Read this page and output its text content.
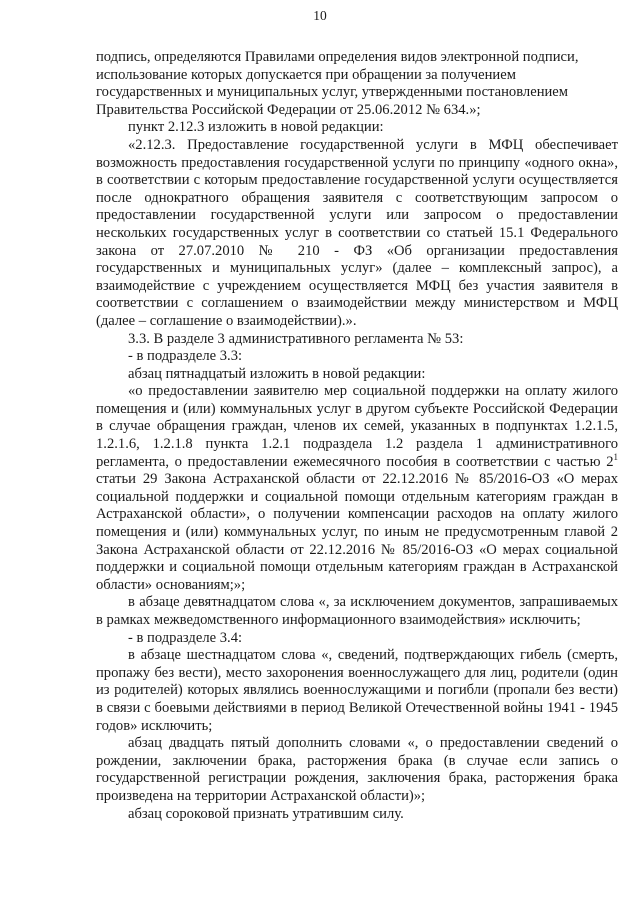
10

подпись, определяются Правилами определения видов электронной подписи, использование которых допускается при обращении за получением государственных и муниципальных услуг, утвержденными постановлением Правительства Российской Федерации от 25.06.2012 № 634.»;

пункт 2.12.3 изложить в новой редакции:

«2.12.3. Предоставление государственной услуги в МФЦ обеспечивает возможность предоставления государственной услуги по принципу «одного окна», в соответствии с которым предоставление государственной услуги осуществляется после однократного обращения заявителя с соответствующим запросом о предоставлении государственной услуги или запросом о предоставлении нескольких государственных услуг в соответствии со статьей 15.1 Федерального закона от 27.07.2010 № 210 - ФЗ «Об организации предоставления государственных и муниципальных услуг» (далее – комплексный запрос), а взаимодействие с учреждением осуществляется МФЦ без участия заявителя в соответствии с соглашением о взаимодействии между министерством и МФЦ (далее – соглашение о взаимодействии).».

3.3. В разделе 3 административного регламента № 53:

- в подразделе 3.3:

абзац пятнадцатый изложить в новой редакции:

«о предоставлении заявителю мер социальной поддержки на оплату жилого помещения и (или) коммунальных услуг в другом субъекте Российской Федерации в случае обращения граждан, членов их семей, указанных в подпунктах 1.2.1.5, 1.2.1.6, 1.2.1.8 пункта 1.2.1 подраздела 1.2 раздела 1 административного регламента, о предоставлении ежемесячного пособия в соответствии с частью $2^1$ статьи 29 Закона Астраханской области от 22.12.2016 № 85/2016-ОЗ «О мерах социальной поддержки и социальной помощи отдельным категориям граждан в Астраханской области», о получении компенсации расходов на оплату жилого помещения и (или) коммунальных услуг, по иным не предусмотренным главой 2 Закона Астраханской области от 22.12.2016 № 85/2016-ОЗ «О мерах социальной поддержки и социальной помощи отдельным категориям граждан в Астраханской области» основаниям;»;

в абзаце девятнадцатом слова «, за исключением документов, запрашиваемых в рамках межведомственного информационного взаимодействия» исключить;

- в подразделе 3.4:

в абзаце шестнадцатом слова «, сведений, подтверждающих гибель (смерть, пропажу без вести), место захоронения военнослужащего для лиц, родители (один из родителей) которых являлись военнослужащими и погибли (пропали без вести) в связи с боевыми действиями в период Великой Отечественной войны 1941 - 1945 годов» исключить;

абзац двадцать пятый дополнить словами «, о предоставлении сведений о рождении, заключении брака, расторжения брака (в случае если запись о государственной регистрации рождения, заключения брака, расторжения брака произведена на территории Астраханской области)»;

абзац сороковой признать утратившим силу.
